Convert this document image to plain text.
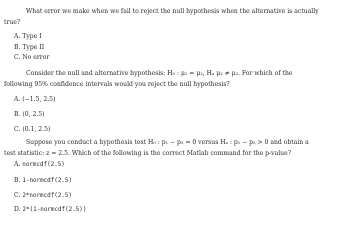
What error we make when we fail to reject the null hypothesis when the alternative is actually
true?
A. Type I
B. Type II
C. No error
Consider the null and alternative hypothesis: H₀ : μ₁ = μ₂, Hₐ μ₁ ≠ μ₂. For which of the
following 95% confidence intervals would you reject the null hypothesis?
A. (−1.5, 2.5)
B. (0, 2.5)
C. (0.1, 2.5)
Suppose you conduct a hypothesis test H₀ : p₁ − p₂ = 0 versus Hₐ : p₁ − p₂ > 0 and obtain a
test statistic: z = 2.5. Which of the following is the correct Matlab command for the p-value?
A. normcdf(2.5)
B. 1-normcdf(2.5)
C. 2*normcdf(2.5)
D. 2*(1-normcdf(2.5))
